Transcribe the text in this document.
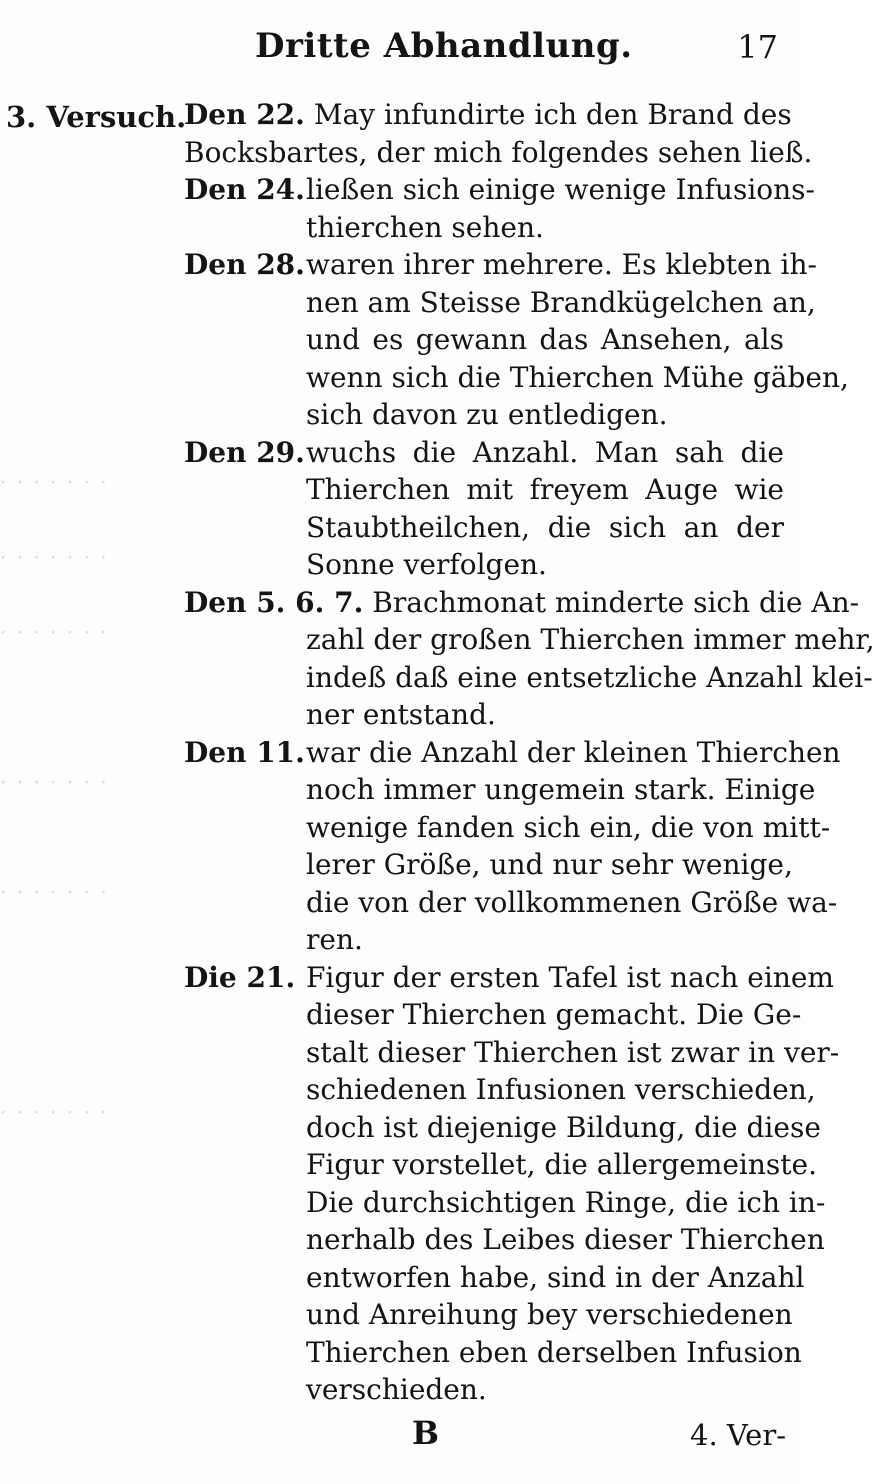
· · · · · · ·
· · · · · · ·
· · · · · · ·
· · · · · · ·
· · · · · · ·
· · · · · · ·
Dritte Abhandlung.	17
3. Versuch.
Den 22. May infundirte ich den Brand des
Bocksbartes, der mich folgendes sehen ließ.
Den 24. ließen sich einige wenige Infusions-
thierchen sehen.
Den 28. waren ihrer mehrere. Es klebten ih-
nen am Steisse Brandkügelchen an,
und es gewann das Ansehen, als
wenn sich die Thierchen Mühe gäben,
sich davon zu entledigen.
Den 29. wuchs die Anzahl. Man sah die
Thierchen mit freyem Auge wie
Staubtheilchen, die sich an der
Sonne verfolgen.
Den 5. 6. 7. Brachmonat minderte sich die An-
zahl der großen Thierchen immer mehr,
indeß daß eine entsetzliche Anzahl klei-
ner entstand.
Den 11. war die Anzahl der kleinen Thierchen
noch immer ungemein stark. Einige
wenige fanden sich ein, die von mitt-
lerer Größe, und nur sehr wenige,
die von der vollkommenen Größe wa-
ren.
Die 21. Figur der ersten Tafel ist nach einem
dieser Thierchen gemacht. Die Ge-
stalt dieser Thierchen ist zwar in ver-
schiedenen Infusionen verschieden,
doch ist diejenige Bildung, die diese
Figur vorstellet, die allergemeinste.
Die durchsichtigen Ringe, die ich in-
nerhalb des Leibes dieser Thierchen
entworfen habe, sind in der Anzahl
und Anreihung bey verschiedenen
Thierchen eben derselben Infusion
verschieden.
B	4. Ver-
